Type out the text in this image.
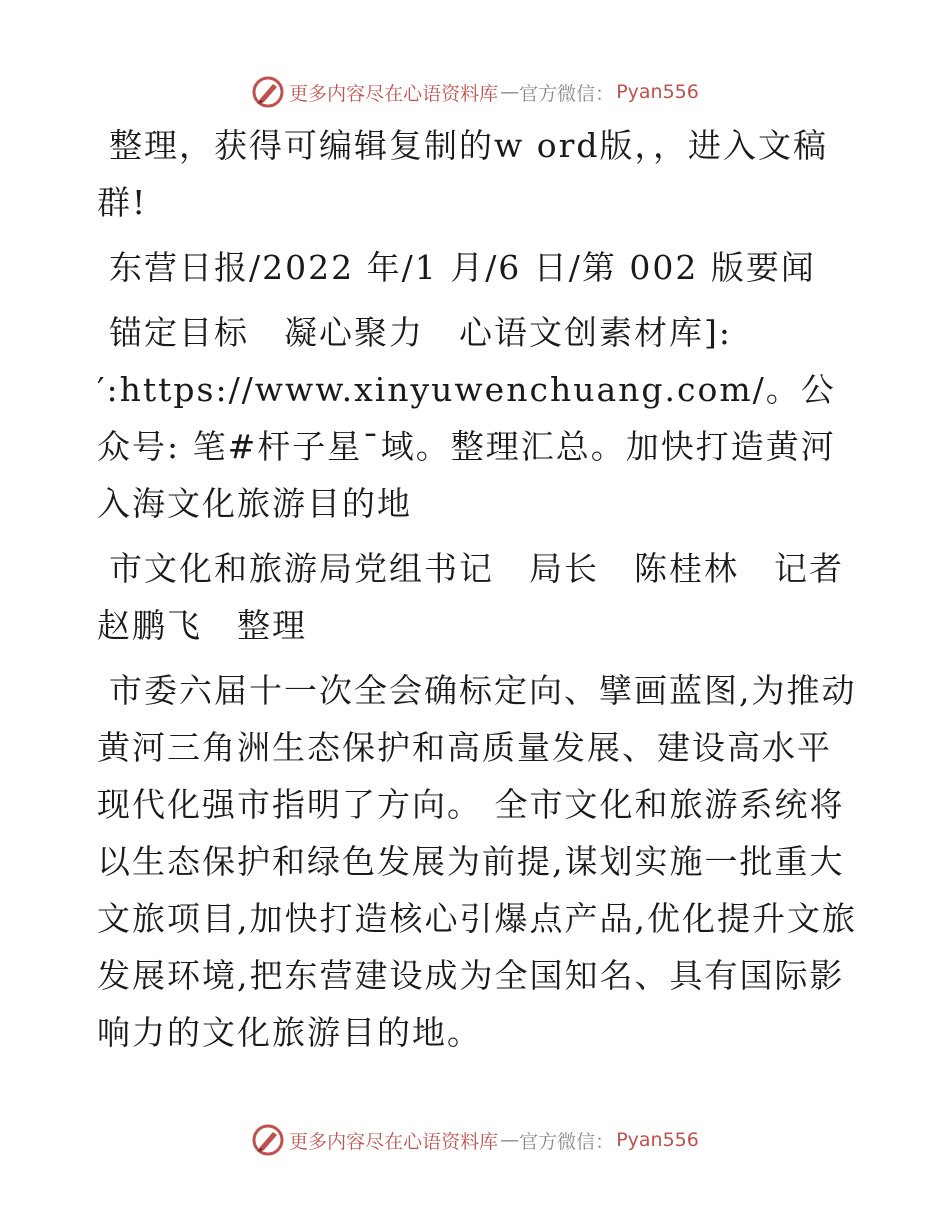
更多内容尽在心语资料库 — 官方微信： Pyan556

整理，获得可编辑复制的w ord版，，进入文稿群!

东营日报/2022 年/1 月/6 日/第 002 版要闻

锚定目标　凝心聚力　心语文创素材库]:′:https://www.xinyuwenchuang.com/。公众号: 笔#杆子星¯域。整理汇总。加快打造黄河入海文化旅游目的地

市文化和旅游局党组书记　局长　陈桂林　记者赵鹏飞　整理

市委六届十一次全会确标定向、擘画蓝图,为推动黄河三角洲生态保护和高质量发展、建设高水平现代化强市指明了方向。 全市文化和旅游系统将以生态保护和绿色发展为前提,谋划实施一批重大文旅项目,加快打造核心引爆点产品,优化提升文旅发展环境,把东营建设成为全国知名、具有国际影响力的文化旅游目的地。

更多内容尽在心语资料库 — 官方微信： Pyan556
